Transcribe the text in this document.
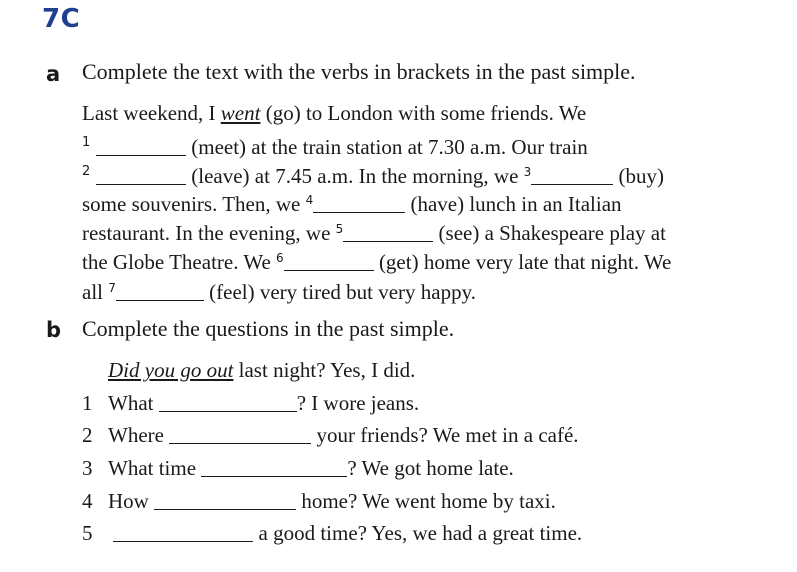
7C
a Complete the text with the verbs in brackets in the past simple.
Last weekend, I went (go) to London with some friends. We
1	(meet) at the train station at 7.30 a.m. Our train
2	(leave) at 7.45 a.m. In the morning, we $^3$	(buy)
some souvenirs. Then, we $^4$	(have) lunch in an Italian
restaurant. In the evening, we $^5$	(see) a Shakespeare play at
the Globe Theatre. We $^6$	(get) home very late that night. We
all $^7$	(feel) very tired but very happy.
b Complete the questions in the past simple.
Did you go out last night? Yes, I did.
1 What	? I wore jeans.
2 Where	your friends? We met in a café.
3 What time	? We got home late.
4 How	home? We went home by taxi.
5	a good time? Yes, we had a great time.
